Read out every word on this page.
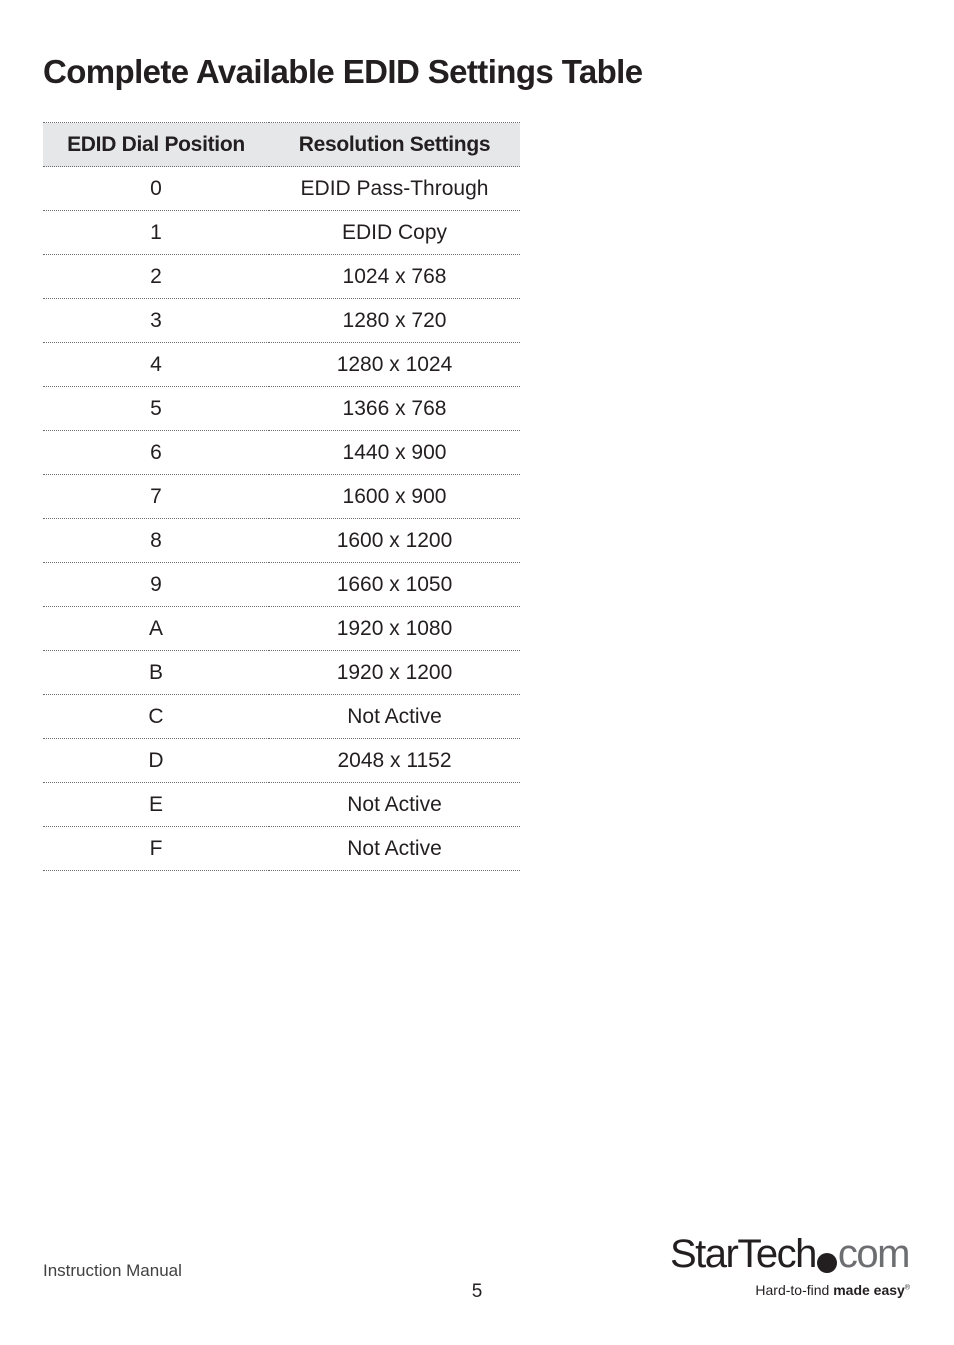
Complete Available EDID Settings Table
EDID Dial Position	Resolution Settings
0	EDID Pass-Through
1	EDID Copy
2	1024 x 768
3	1280 x 720
4	1280 x 1024
5	1366 x 768
6	1440 x 900
7	1600 x 900
8	1600 x 1200
9	1660 x 1050
A	1920 x 1080
B	1920 x 1200
C	Not Active
D	2048 x 1152
E	Not Active
F	Not Active
Instruction Manual
5
StarTech com
Hard-to-find made easy®
